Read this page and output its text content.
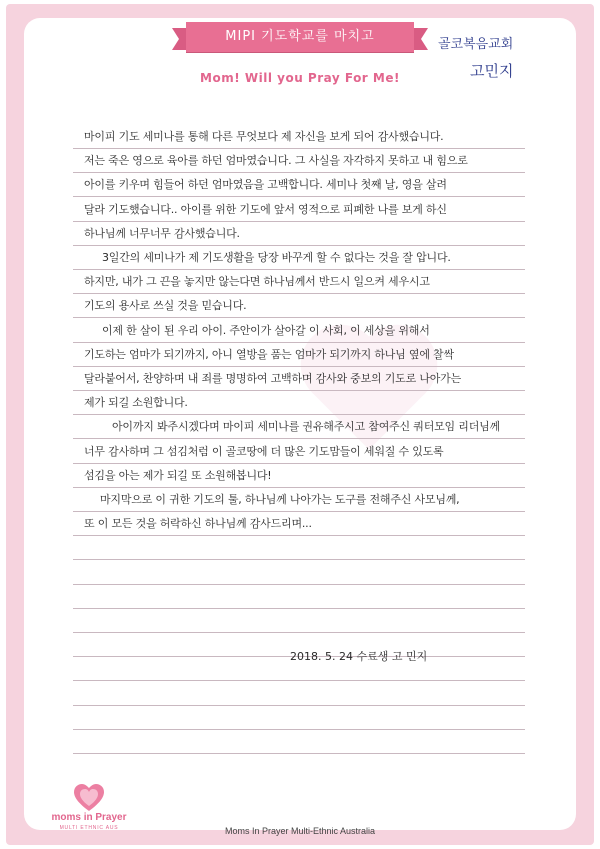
MIPI 기도학교를 마치고
Mom! Will you Pray For Me!
골코복음교회
고민지
마이피 기도 세미나를 통해 다른 무엇보다 제 자신을 보게 되어 감사했습니다.
저는 죽은 영으로 육아를 하던 엄마였습니다. 그 사실을 자각하지 못하고 내 힘으로
아이를 키우며 힘들어 하던 엄마였음을 고백합니다. 세미나 첫째 날, 영을 살려
달라 기도했습니다.. 아이를 위한 기도에 앞서 영적으로 피폐한 나를 보게 하신
하나님께 너무너무 감사했습니다.
3일간의 세미나가 제 기도생활을 당장 바꾸게 할 수 없다는 것을 잘 압니다.
하지만, 내가 그 끈을 놓지만 않는다면 하나님께서 반드시 일으켜 세우시고
기도의 용사로 쓰실 것을 믿습니다.
이제 한 살이 된 우리 아이. 주안이가 살아갈 이 사회, 이 세상을 위해서
기도하는 엄마가 되기까지, 아니 열방을 품는 엄마가 되기까지 하나님 옆에 찰싹
달라붙어서, 찬양하며 내 죄를 명명하여 고백하며 감사와 중보의 기도로 나아가는
제가 되길 소원합니다.
아이까지 봐주시겠다며 마이피 세미나를 권유해주시고 참여주신 쿼터모임 리더님께
너무 감사하며 그 섬김처럼 이 골코땅에 더 많은 기도맘들이 세워질 수 있도록
섬김을 아는 제가 되길 또 소원해봅니다!
마지막으로 이 귀한 기도의 툴, 하나님께 나아가는 도구를 전해주신 사모님께,
또 이 모든 것을 허락하신 하나님께 감사드리며...
2018. 5. 24 수료생 고 민지
moms in Prayer
MULTI ETHNIC AUS	Moms In Prayer Multi-Ethnic Australia
